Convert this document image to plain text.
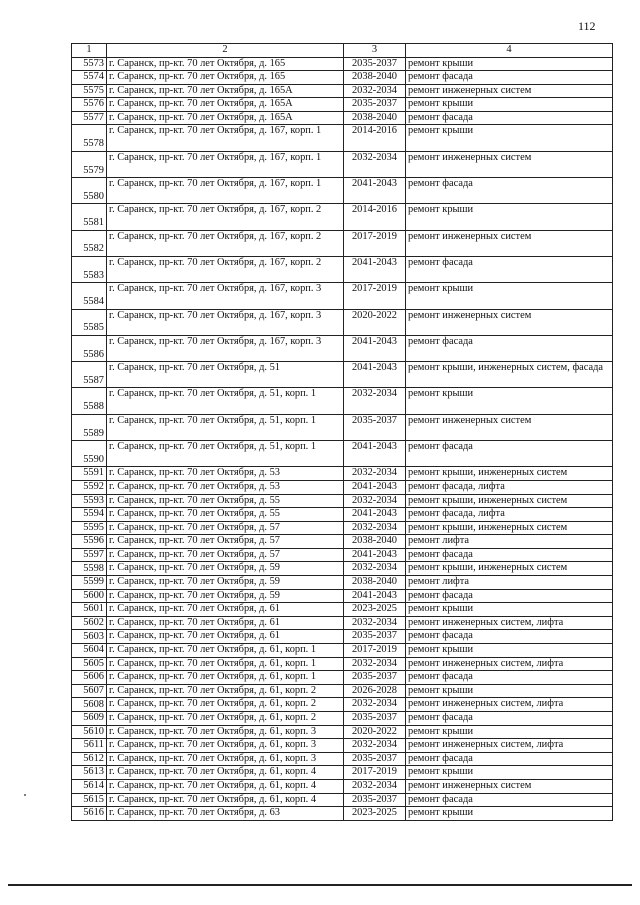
112
1	2	3	4
5573	г. Саранск, пр-кт. 70 лет Октября, д. 165	2035-2037	ремонт крыши
5574	г. Саранск, пр-кт. 70 лет Октября, д. 165	2038-2040	ремонт фасада
5575	г. Саранск, пр-кт. 70 лет Октября, д. 165А	2032-2034	ремонт инженерных систем
5576	г. Саранск, пр-кт. 70 лет Октября, д. 165А	2035-2037	ремонт крыши
5577	г. Саранск, пр-кт. 70 лет Октября, д. 165А	2038-2040	ремонт фасада
5578	г. Саранск, пр-кт. 70 лет Октября, д. 167, корп. 1	2014-2016	ремонт крыши
5579	г. Саранск, пр-кт. 70 лет Октября, д. 167, корп. 1	2032-2034	ремонт инженерных систем
5580	г. Саранск, пр-кт. 70 лет Октября, д. 167, корп. 1	2041-2043	ремонт фасада
5581	г. Саранск, пр-кт. 70 лет Октября, д. 167, корп. 2	2014-2016	ремонт крыши
5582	г. Саранск, пр-кт. 70 лет Октября, д. 167, корп. 2	2017-2019	ремонт инженерных систем
5583	г. Саранск, пр-кт. 70 лет Октября, д. 167, корп. 2	2041-2043	ремонт фасада
5584	г. Саранск, пр-кт. 70 лет Октября, д. 167, корп. 3	2017-2019	ремонт крыши
5585	г. Саранск, пр-кт. 70 лет Октября, д. 167, корп. 3	2020-2022	ремонт инженерных систем
5586	г. Саранск, пр-кт. 70 лет Октября, д. 167, корп. 3	2041-2043	ремонт фасада
5587	г. Саранск, пр-кт. 70 лет Октября, д. 51	2041-2043	ремонт крыши, инженерных систем, фасада
5588	г. Саранск, пр-кт. 70 лет Октября, д. 51, корп. 1	2032-2034	ремонт крыши
5589	г. Саранск, пр-кт. 70 лет Октября, д. 51, корп. 1	2035-2037	ремонт инженерных систем
5590	г. Саранск, пр-кт. 70 лет Октября, д. 51, корп. 1	2041-2043	ремонт фасада
5591	г. Саранск, пр-кт. 70 лет Октября, д. 53	2032-2034	ремонт крыши, инженерных систем
5592	г. Саранск, пр-кт. 70 лет Октября, д. 53	2041-2043	ремонт фасада, лифта
5593	г. Саранск, пр-кт. 70 лет Октября, д. 55	2032-2034	ремонт крыши, инженерных систем
5594	г. Саранск, пр-кт. 70 лет Октября, д. 55	2041-2043	ремонт фасада, лифта
5595	г. Саранск, пр-кт. 70 лет Октября, д. 57	2032-2034	ремонт крыши, инженерных систем
5596	г. Саранск, пр-кт. 70 лет Октября, д. 57	2038-2040	ремонт лифта
5597	г. Саранск, пр-кт. 70 лет Октября, д. 57	2041-2043	ремонт фасада
5598	г. Саранск, пр-кт. 70 лет Октября, д. 59	2032-2034	ремонт крыши, инженерных систем
5599	г. Саранск, пр-кт. 70 лет Октября, д. 59	2038-2040	ремонт лифта
5600	г. Саранск, пр-кт. 70 лет Октября, д. 59	2041-2043	ремонт фасада
5601	г. Саранск, пр-кт. 70 лет Октября, д. 61	2023-2025	ремонт крыши
5602	г. Саранск, пр-кт. 70 лет Октября, д. 61	2032-2034	ремонт инженерных систем, лифта
5603	г. Саранск, пр-кт. 70 лет Октября, д. 61	2035-2037	ремонт фасада
5604	г. Саранск, пр-кт. 70 лет Октября, д. 61, корп. 1	2017-2019	ремонт крыши
5605	г. Саранск, пр-кт. 70 лет Октября, д. 61, корп. 1	2032-2034	ремонт инженерных систем, лифта
5606	г. Саранск, пр-кт. 70 лет Октября, д. 61, корп. 1	2035-2037	ремонт фасада
5607	г. Саранск, пр-кт. 70 лет Октября, д. 61, корп. 2	2026-2028	ремонт крыши
5608	г. Саранск, пр-кт. 70 лет Октября, д. 61, корп. 2	2032-2034	ремонт инженерных систем, лифта
5609	г. Саранск, пр-кт. 70 лет Октября, д. 61, корп. 2	2035-2037	ремонт фасада
5610	г. Саранск, пр-кт. 70 лет Октября, д. 61, корп. 3	2020-2022	ремонт крыши
5611	г. Саранск, пр-кт. 70 лет Октября, д. 61, корп. 3	2032-2034	ремонт инженерных систем, лифта
5612	г. Саранск, пр-кт. 70 лет Октября, д. 61, корп. 3	2035-2037	ремонт фасада
5613	г. Саранск, пр-кт. 70 лет Октября, д. 61, корп. 4	2017-2019	ремонт крыши
5614	г. Саранск, пр-кт. 70 лет Октября, д. 61, корп. 4	2032-2034	ремонт инженерных систем
5615	г. Саранск, пр-кт. 70 лет Октября, д. 61, корп. 4	2035-2037	ремонт фасада
5616	г. Саранск, пр-кт. 70 лет Октября, д. 63	2023-2025	ремонт крыши
